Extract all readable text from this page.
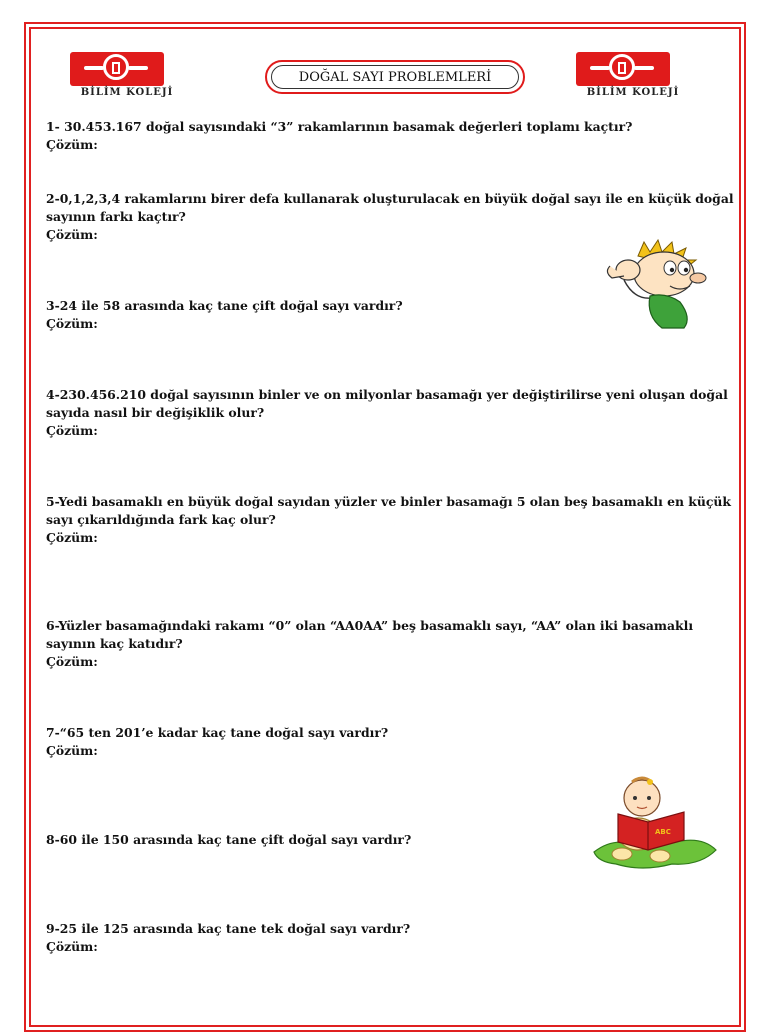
BİLİM KOLEJİ
DOĞAL SAYI PROBLEMLERİ
BİLİM KOLEJİ
1- 30.453.167 doğal sayısındaki “3” rakamlarının basamak değerleri toplamı kaçtır?
Çözüm:
2-0,1,2,3,4 rakamlarını birer defa kullanarak oluşturulacak en büyük doğal sayı ile en küçük doğal sayının farkı kaçtır?
Çözüm:
3-24 ile 58 arasında kaç tane çift doğal sayı vardır?
Çözüm:
4-230.456.210 doğal sayısının binler ve on milyonlar basamağı yer değiştirilirse yeni oluşan doğal sayıda nasıl bir değişiklik olur?
Çözüm:
5-Yedi basamaklı en büyük doğal sayıdan yüzler ve binler basamağı 5 olan beş basamaklı en küçük sayı çıkarıldığında fark kaç olur?
Çözüm:
6-Yüzler basamağındaki rakamı “0” olan “AA0AA” beş basamaklı sayı, “AA” olan iki basamaklı sayının kaç katıdır?
Çözüm:
7-“65 ten 201’e kadar kaç tane doğal sayı vardır?
Çözüm:
8-60 ile 150 arasında kaç tane çift doğal sayı vardır?
9-25 ile 125 arasında kaç tane tek doğal sayı vardır?
Çözüm:
ABC
